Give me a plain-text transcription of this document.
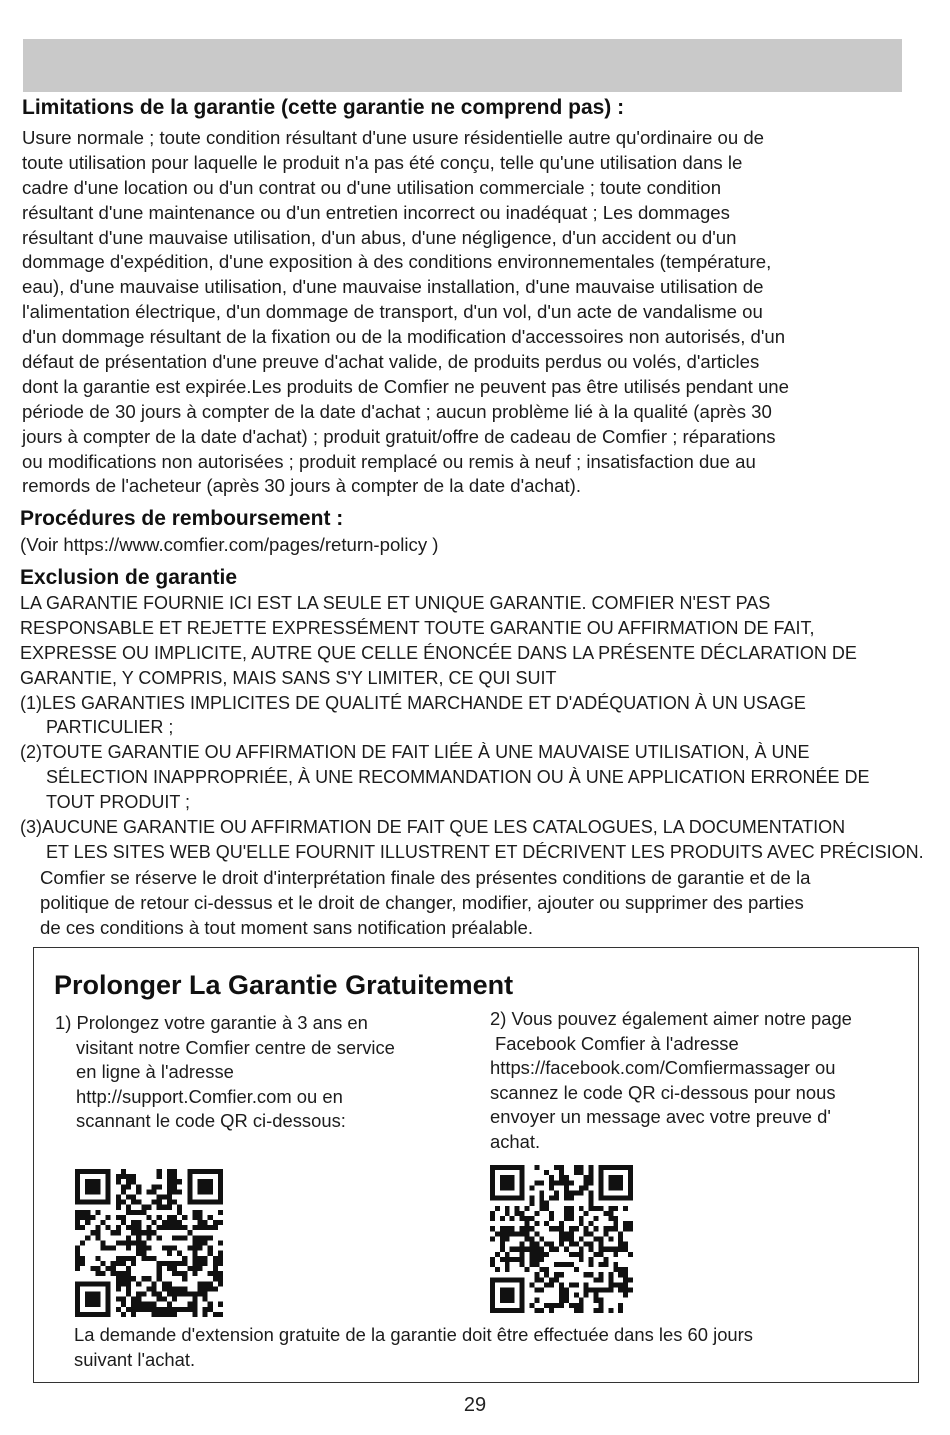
Limitations de la garantie (cette garantie ne comprend pas) :
Usure normale ; toute condition résultant d'une usure résidentielle autre qu'ordinaire ou de
toute utilisation pour laquelle le produit n'a pas été conçu, telle qu'une utilisation dans le
cadre d'une location ou d'un contrat ou d'une utilisation commerciale ; toute condition
résultant d'une maintenance ou d'un entretien incorrect ou inadéquat ; Les dommages
résultant d'une mauvaise utilisation, d'un abus, d'une négligence, d'un accident ou d'un
dommage d'expédition, d'une exposition à des conditions environnementales (température,
eau), d'une mauvaise utilisation, d'une mauvaise installation, d'une mauvaise utilisation de
l'alimentation électrique, d'un dommage de transport, d'un vol, d'un acte de vandalisme ou
d'un dommage résultant de la fixation ou de la modification d'accessoires non autorisés, d'un
défaut de présentation d'une preuve d'achat valide, de produits perdus ou volés, d'articles
dont la garantie est expirée.Les produits de Comfier ne peuvent pas être utilisés pendant une
période de 30 jours à compter de la date d'achat ; aucun problème lié à la qualité (après 30
jours à compter de la date d'achat) ; produit gratuit/offre de cadeau de Comfier ; réparations
ou modifications non autorisées ; produit remplacé ou remis à neuf ; insatisfaction due au
remords de l'acheteur (après 30 jours à compter de la date d'achat).
Procédures de remboursement :
(Voir https://www.comfier.com/pages/return-policy )
Exclusion de garantie
LA GARANTIE FOURNIE ICI EST LA SEULE ET UNIQUE GARANTIE. COMFIER N'EST PAS
RESPONSABLE ET REJETTE EXPRESSÉMENT TOUTE GARANTIE OU AFFIRMATION DE FAIT,
EXPRESSE OU IMPLICITE, AUTRE QUE CELLE ÉNONCÉE DANS LA PRÉSENTE DÉCLARATION DE
GARANTIE, Y COMPRIS, MAIS SANS S'Y LIMITER, CE QUI SUIT
(1)LES GARANTIES IMPLICITES DE QUALITÉ MARCHANDE ET D'ADÉQUATION À UN USAGE
PARTICULIER ;
(2)TOUTE GARANTIE OU AFFIRMATION DE FAIT LIÉE À UNE MAUVAISE UTILISATION, À UNE
SÉLECTION INAPPROPRIÉE, À UNE RECOMMANDATION OU À UNE APPLICATION ERRONÉE DE
TOUT PRODUIT ;
(3)AUCUNE GARANTIE OU AFFIRMATION DE FAIT QUE LES CATALOGUES, LA DOCUMENTATION
ET LES SITES WEB QU'ELLE FOURNIT ILLUSTRENT ET DÉCRIVENT LES PRODUITS AVEC PRÉCISION.
Comfier se réserve le droit d'interprétation finale des présentes conditions de garantie et de la
politique de retour ci-dessus et le droit de changer, modifier, ajouter ou supprimer des parties
de ces conditions à tout moment sans notification préalable.
Prolonger La Garantie Gratuitement
1) Prolongez votre garantie à 3 ans en
visitant notre Comfier centre de service
en ligne à l'adresse
http://support.Comfier.com ou en
scannant le code QR ci-dessous:
2) Vous pouvez également aimer notre page
Facebook Comfier à l'adresse
https://facebook.com/Comfiermassager ou
scannez le code QR ci-dessous pour nous
envoyer un message avec votre preuve d'
achat.
La demande d'extension gratuite de la garantie doit être effectuée dans les 60 jours
suivant l'achat.
29
